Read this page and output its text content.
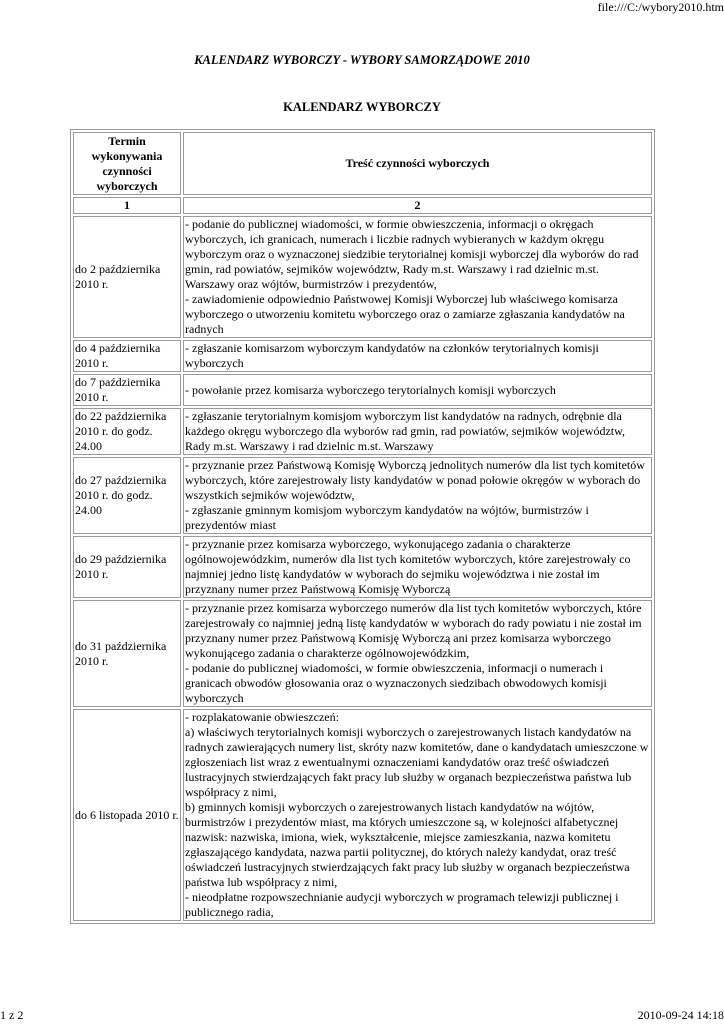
file:///C:/wybory2010.htm
KALENDARZ WYBORCZY - WYBORY SAMORZĄDOWE 2010
KALENDARZ WYBORCZY
Termin wykonywania czynności wyborczych	Treść czynności wyborczych
1	2
do 2 października 2010 r.	- podanie do publicznej wiadomości, w formie obwieszczenia, informacji o okręgach wyborczych, ich granicach, numerach i liczbie radnych wybieranych w każdym okręgu wyborczym oraz o wyznaczonej siedzibie terytorialnej komisji wyborczej dla wyborów do rad gmin, rad powiatów, sejmików województw, Rady m.st. Warszawy i rad dzielnic m.st. Warszawy oraz wójtów, burmistrzów i prezydentów,
- zawiadomienie odpowiednio Państwowej Komisji Wyborczej lub właściwego komisarza wyborczego o utworzeniu komitetu wyborczego oraz o zamiarze zgłaszania kandydatów na radnych
do 4 października 2010 r.	- zgłaszanie komisarzom wyborczym kandydatów na członków terytorialnych komisji wyborczych
do 7 października 2010 r.	- powołanie przez komisarza wyborczego terytorialnych komisji wyborczych
do 22 października 2010 r. do godz. 24.00	- zgłaszanie terytorialnym komisjom wyborczym list kandydatów na radnych, odrębnie dla każdego okręgu wyborczego dla wyborów rad gmin, rad powiatów, sejmików województw, Rady m.st. Warszawy i rad dzielnic m.st. Warszawy
do 27 października 2010 r. do godz. 24.00	- przyznanie przez Państwową Komisję Wyborczą jednolitych numerów dla list tych komitetów wyborczych, które zarejestrowały listy kandydatów w ponad połowie okręgów w wyborach do wszystkich sejmików województw,
- zgłaszanie gminnym komisjom wyborczym kandydatów na wójtów, burmistrzów i prezydentów miast
do 29 października 2010 r.	- przyznanie przez komisarza wyborczego, wykonującego zadania o charakterze ogólnowojewódzkim, numerów dla list tych komitetów wyborczych, które zarejestrowały co najmniej jedno listę kandydatów w wyborach do sejmiku województwa i nie został im przyznany numer przez Państwową Komisję Wyborczą
do 31 października 2010 r.	- przyznanie przez komisarza wyborczego numerów dla list tych komitetów wyborczych, które zarejestrowały co najmniej jedną listę kandydatów w wyborach do rady powiatu i nie został im przyznany numer przez Państwową Komisję Wyborczą ani przez komisarza wyborczego wykonującego zadania o charakterze ogólnowojewódzkim,
- podanie do publicznej wiadomości, w formie obwieszczenia, informacji o numerach i granicach obwodów głosowania oraz o wyznaczonych siedzibach obwodowych komisji wyborczych
do 6 listopada 2010 r.	- rozplakatowanie obwieszczeń:
a) właściwych terytorialnych komisji wyborczych o zarejestrowanych listach kandydatów na radnych zawierających numery list, skróty nazw komitetów, dane o kandydatach umieszczone w zgłoszeniach list wraz z ewentualnymi oznaczeniami kandydatów oraz treść oświadczeń lustracyjnych stwierdzających fakt pracy lub służby w organach bezpieczeństwa państwa lub współpracy z nimi,
b) gminnych komisji wyborczych o zarejestrowanych listach kandydatów na wójtów, burmistrzów i prezydentów miast, ma których umieszczone są, w kolejności alfabetycznej nazwisk: nazwiska, imiona, wiek, wykształcenie, miejsce zamieszkania, nazwa komitetu zgłaszającego kandydata, nazwa partii politycznej, do których należy kandydat, oraz treść oświadczeń lustracyjnych stwierdzających fakt pracy lub służby w organach bezpieczeństwa państwa lub współpracy z nimi,
- nieodpłatne rozpowszechnianie audycji wyborczych w programach telewizji publicznej i publicznego radia,
1 z 2	2010-09-24 14:18
